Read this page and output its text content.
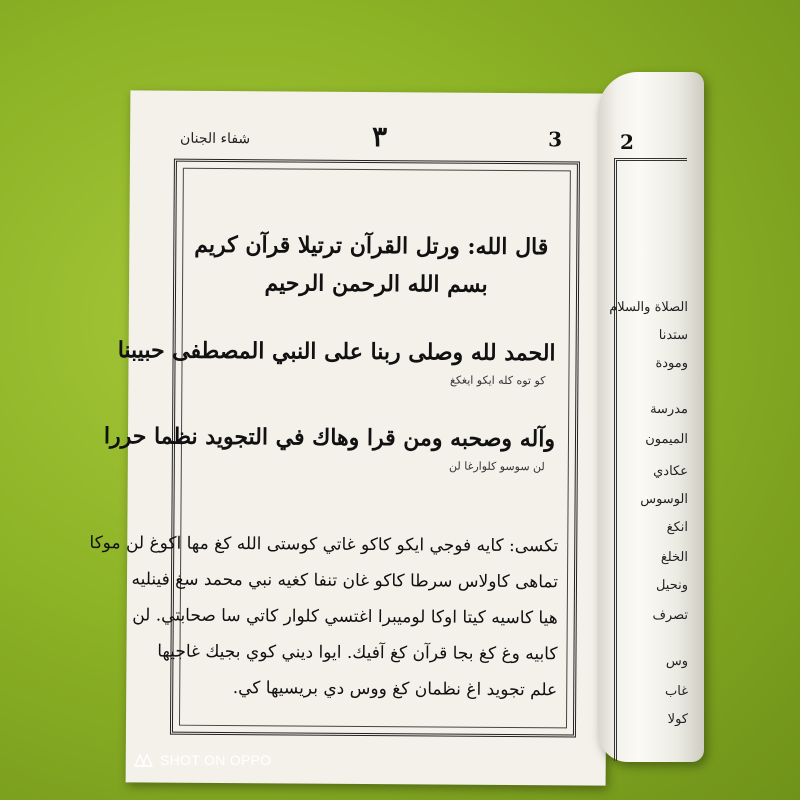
شفاء الجنان	٣	3
قال الله: ورتل القرآن ترتيلا قرآن كريم
بسم الله الرحمن الرحيم
الحمد لله وصلى ربنا على النبي المصطفى حبيبنا
كو توه كله ايكو ايغكغ
وآله وصحبه ومن قرا وهاك في التجويد نظما حررا
لن سوسو كلوارغا لن
تكسى: كايه فوجي ايكو كاكو غاتي كوستى الله كغ مها اكوغ لن موكا
تماهى كاولاس سرطا كاكو غان تنفا كغيه نبي محمد سغ فينليه
هيا كاسيه كيتا اوكا لوميبرا اغتسي كلوار كاتي سا صحابتي. لن
كابيه وغ كغ بجا قرآن كغ آفيك. ايوا ديني كوي بجيك غاجيها
علم تجويد اغ نظمان كغ ووس دي بريسيها كي.
2
الصلاة والسلام
ستدنا
ومودة
مدرسة
الميمون
عكادي
الوسوس
انكغ
الخلغ
ونحيل
تصرف
وس
غاب
كولا
SHOT ON OPPO
